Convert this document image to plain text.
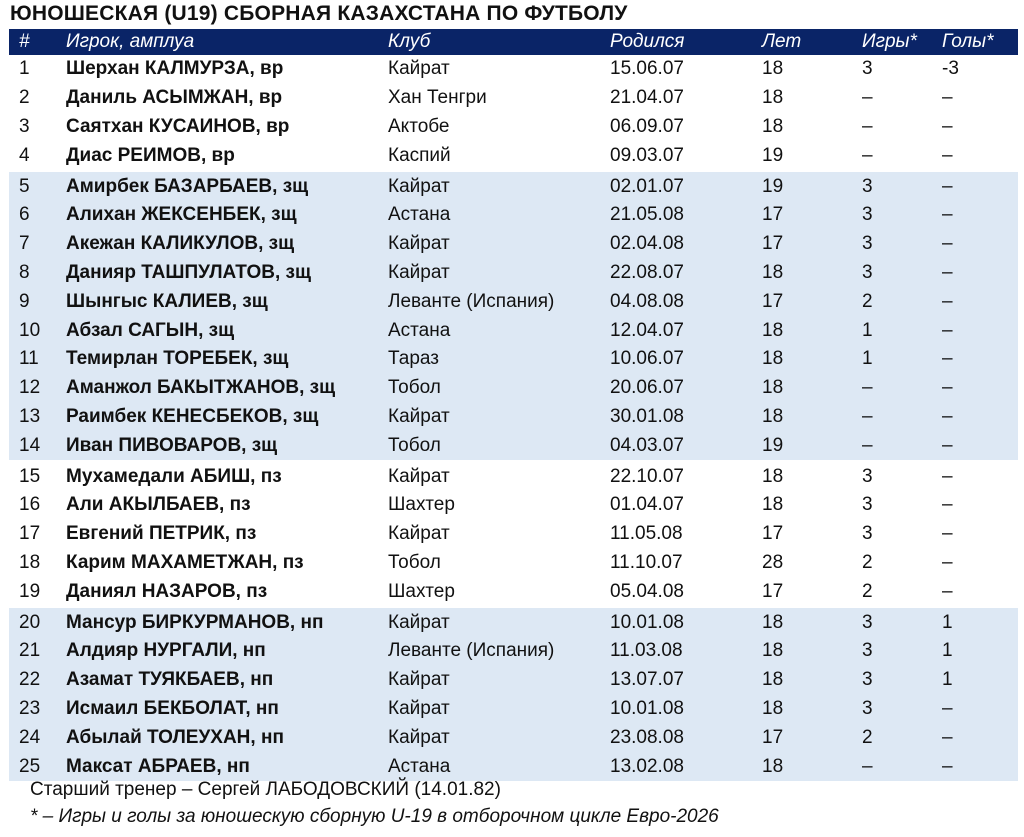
ЮНОШЕСКАЯ (U19) СБОРНАЯ КАЗАХСТАНА ПО ФУТБОЛУ
#	Игрок, амплуа	Клуб	Родился	Лет	Игры*	Голы*
1	Шерхан КАЛМУРЗА, вр	Кайрат	15.06.07	18	3	-3
2	Даниль АСЫМЖАН, вр	Хан Тенгри	21.04.07	18	–	–
3	Саятхан КУСАИНОВ, вр	Актобе	06.09.07	18	–	–
4	Диас РЕИМОВ, вр	Каспий	09.03.07	19	–	–
5	Амирбек БАЗАРБАЕВ, зщ	Кайрат	02.01.07	19	3	–
6	Алихан ЖЕКСЕНБЕК, зщ	Астана	21.05.08	17	3	–
7	Акежан КАЛИКУЛОВ, зщ	Кайрат	02.04.08	17	3	–
8	Данияр ТАШПУЛАТОВ, зщ	Кайрат	22.08.07	18	3	–
9	Шынгыс КАЛИЕВ, зщ	Леванте (Испания)	04.08.08	17	2	–
10	Абзал САГЫН, зщ	Астана	12.04.07	18	1	–
11	Темирлан ТОРЕБЕК, зщ	Тараз	10.06.07	18	1	–
12	Аманжол БАКЫТЖАНОВ, зщ	Тобол	20.06.07	18	–	–
13	Раимбек КЕНЕСБЕКОВ, зщ	Кайрат	30.01.08	18	–	–
14	Иван ПИВОВАРОВ, зщ	Тобол	04.03.07	19	–	–
15	Мухамедали АБИШ, пз	Кайрат	22.10.07	18	3	–
16	Али АКЫЛБАЕВ, пз	Шахтер	01.04.07	18	3	–
17	Евгений ПЕТРИК, пз	Кайрат	11.05.08	17	3	–
18	Карим МАХАМЕТЖАН, пз	Тобол	11.10.07	28	2	–
19	Даниял НАЗАРОВ, пз	Шахтер	05.04.08	17	2	–
20	Мансур БИРКУРМАНОВ, нп	Кайрат	10.01.08	18	3	1
21	Алдияр НУРГАЛИ, нп	Леванте (Испания)	11.03.08	18	3	1
22	Азамат ТУЯКБАЕВ, нп	Кайрат	13.07.07	18	3	1
23	Исмаил БЕКБОЛАТ, нп	Кайрат	10.01.08	18	3	–
24	Абылай ТОЛЕУХАН, нп	Кайрат	23.08.08	17	2	–
25	Максат АБРАЕВ, нп	Астана	13.02.08	18	–	–
Старший тренер – Сергей ЛАБОДОВСКИЙ (14.01.82)
* – Игры и голы за юношескую сборную U-19 в отборочном цикле Евро-2026
